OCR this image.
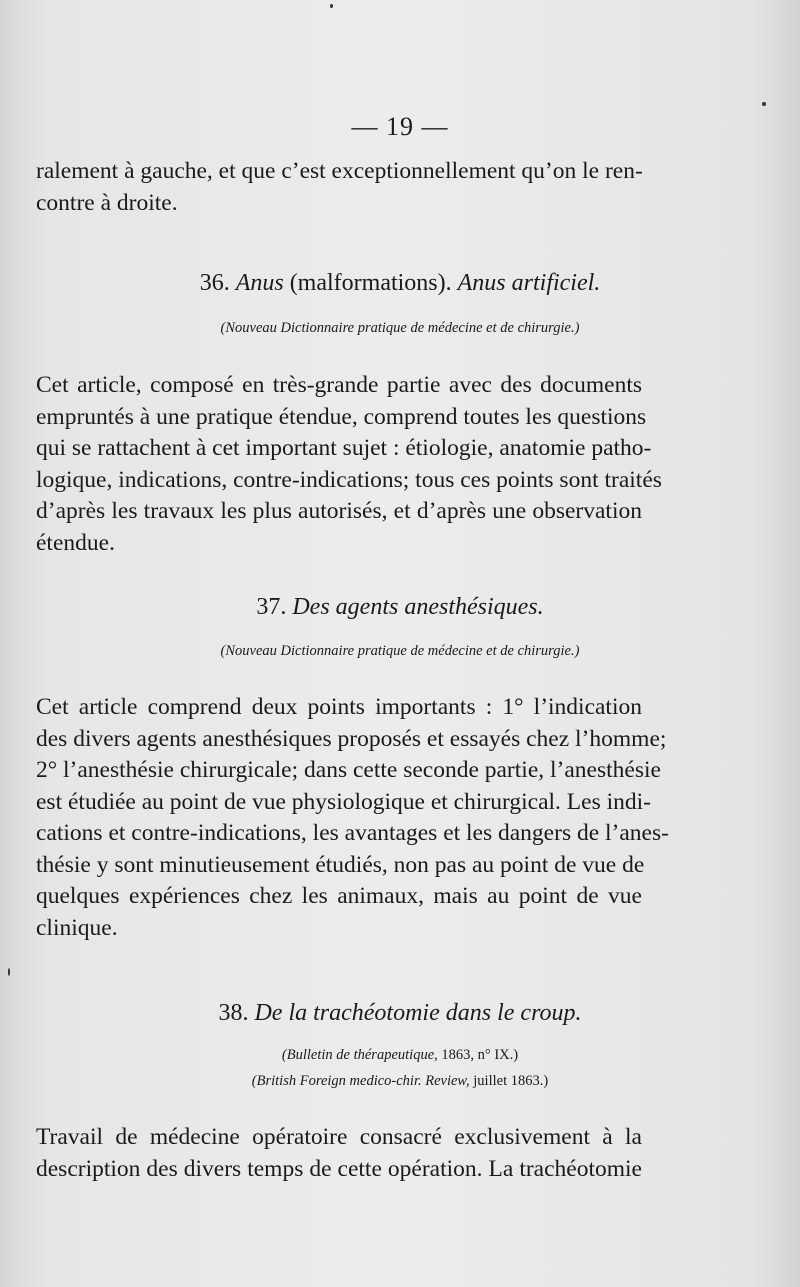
— 19 —
ralement à gauche, et que c’est exceptionnellement qu’on le ren-
contre à droite.
36. Anus (malformations). Anus artificiel.
(Nouveau Dictionnaire pratique de médecine et de chirurgie.)
Cet article, composé en très-grande partie avec des documents
empruntés à une pratique étendue, comprend toutes les questions
qui se rattachent à cet important sujet : étiologie, anatomie patho-
logique, indications, contre-indications; tous ces points sont traités
d’après les travaux les plus autorisés, et d’après une observation
étendue.
37. Des agents anesthésiques.
(Nouveau Dictionnaire pratique de médecine et de chirurgie.)
Cet article comprend deux points importants : 1° l’indication
des divers agents anesthésiques proposés et essayés chez l’homme;
2° l’anesthésie chirurgicale; dans cette seconde partie, l’anesthésie
est étudiée au point de vue physiologique et chirurgical. Les indi-
cations et contre-indications, les avantages et les dangers de l’anes-
thésie y sont minutieusement étudiés, non pas au point de vue de
quelques expériences chez les animaux, mais au point de vue
clinique.
38. De la trachéotomie dans le croup.
(Bulletin de thérapeutique, 1863, n° IX.)
(British Foreign medico-chir. Review, juillet 1863.)
Travail de médecine opératoire consacré exclusivement à la
description des divers temps de cette opération. La trachéotomie
